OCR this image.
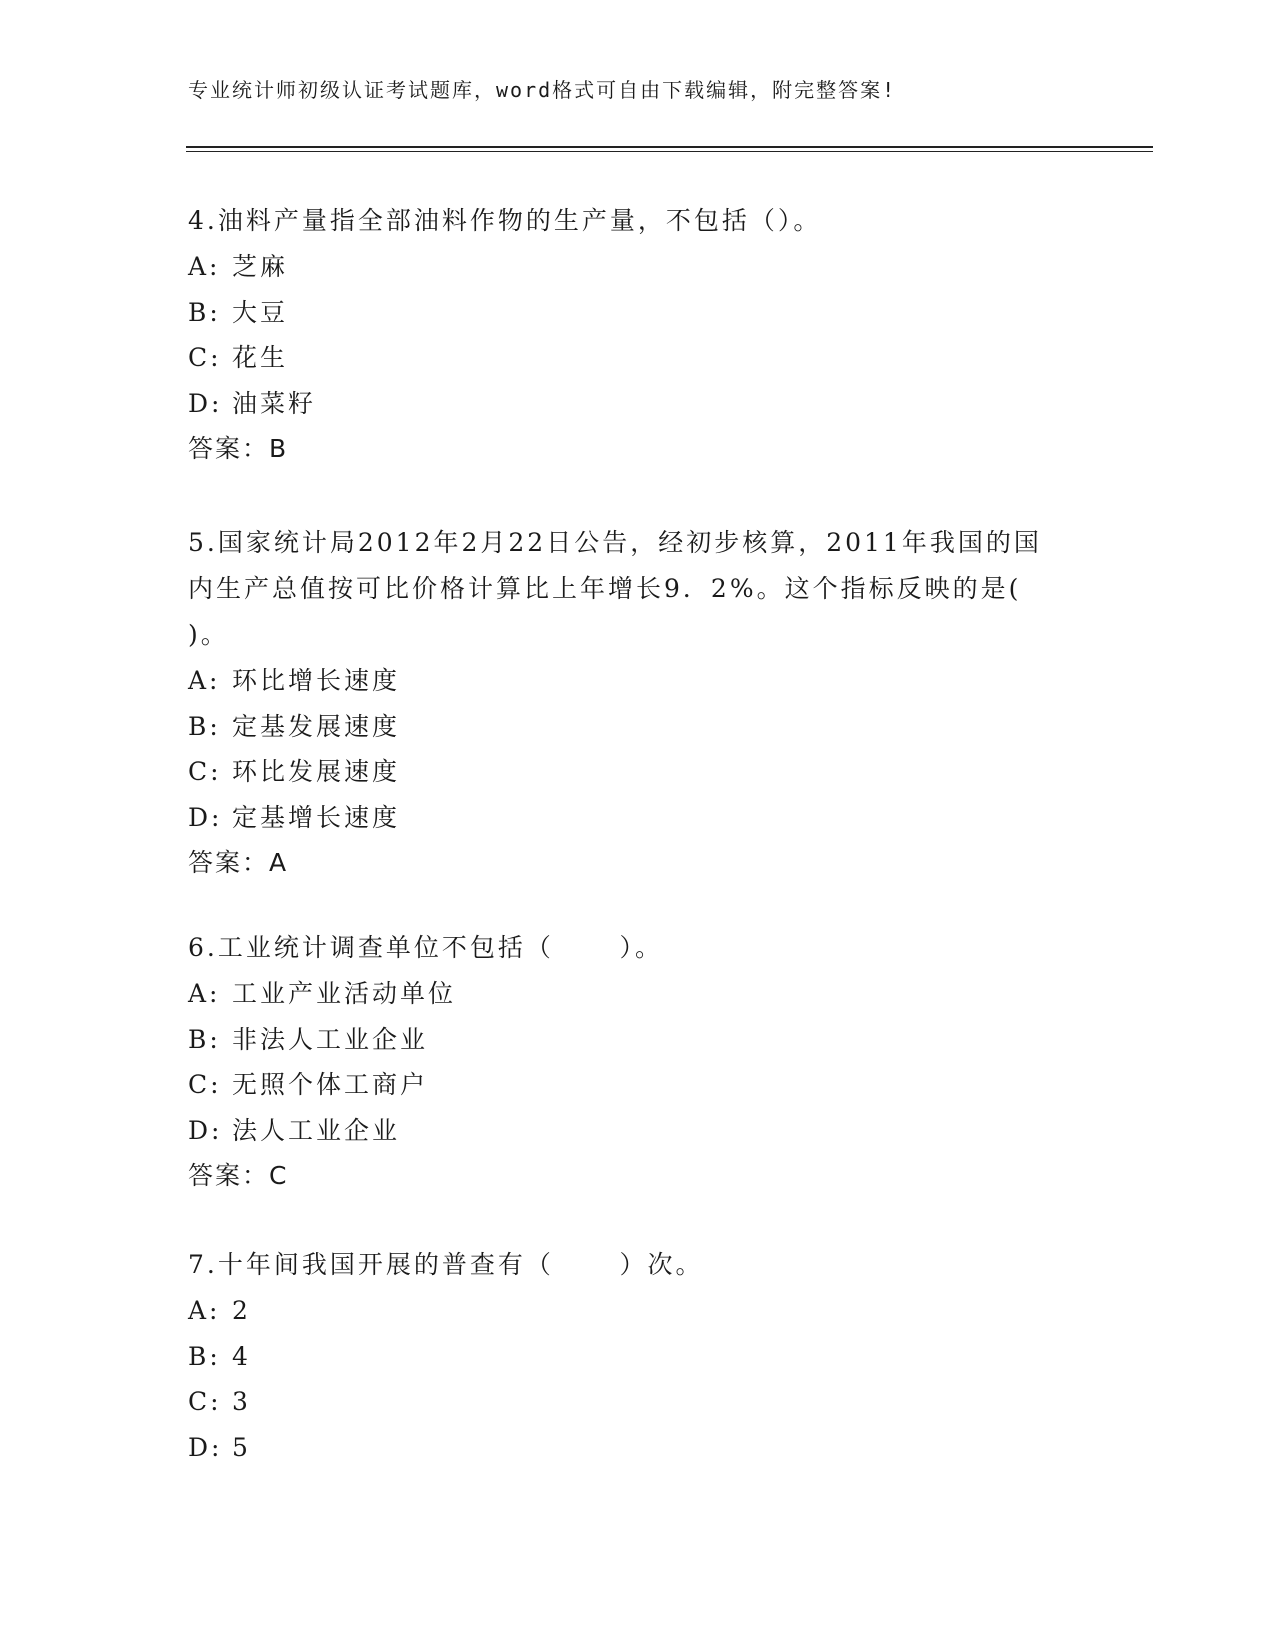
专业统计师初级认证考试题库，word格式可自由下载编辑，附完整答案!

4.油料产量指全部油料作物的生产量，不包括（）。

A: 芝麻
B: 大豆
C: 花生
D: 油菜籽
答案：B

5.国家统计局2012年2月22日公告，经初步核算，2011年我国的国内生产总值按可比价格计算比上年增长9．2%。这个指标反映的是(     )。

A: 环比增长速度
B: 定基发展速度
C: 环比发展速度
D: 定基增长速度
答案：A

6.工业统计调查单位不包括（      ）。

A: 工业产业活动单位
B: 非法人工业企业
C: 无照个体工商户
D: 法人工业企业
答案：C

7.十年间我国开展的普查有（      ）次。

A: 2
B: 4
C: 3
D: 5
